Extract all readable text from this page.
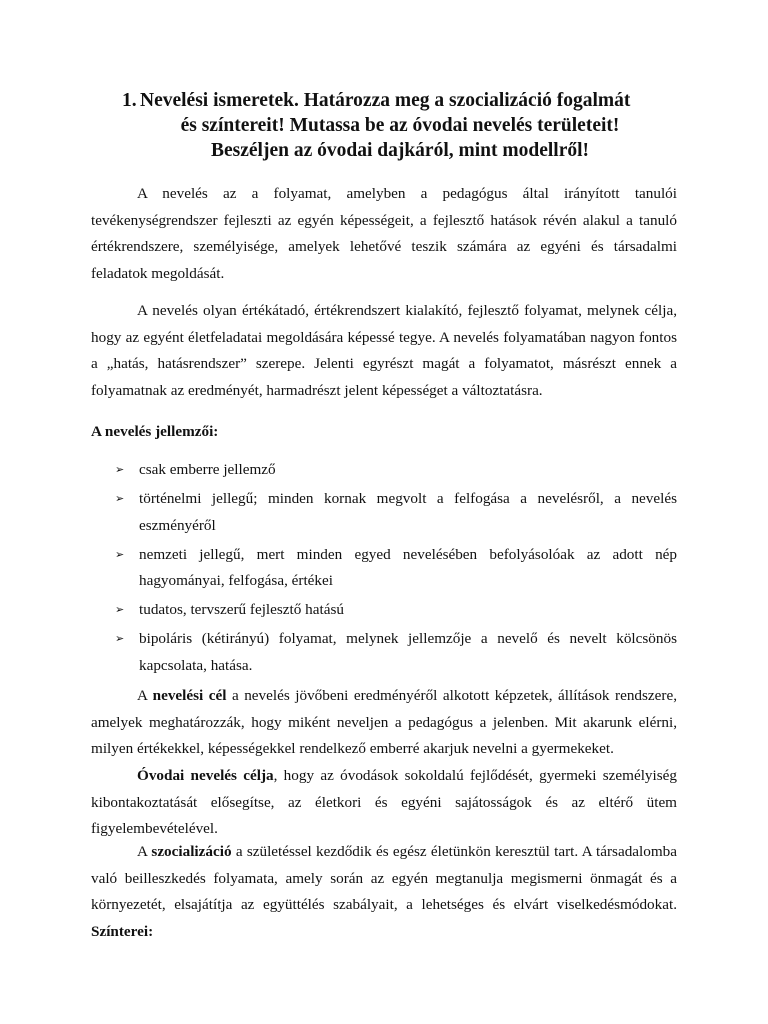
1. Nevelési ismeretek. Határozza meg a szocializáció fogalmát
és színtereit! Mutassa be az óvodai nevelés területeit!
Beszéljen az óvodai dajkáról, mint modellről!

A nevelés az a folyamat, amelyben a pedagógus által irányított tanulói tevékenységrendszer fejleszti az egyén képességeit, a fejlesztő hatások révén alakul a tanuló értékrendszere, személyisége, amelyek lehetővé teszik számára az egyéni és társadalmi feladatok megoldását.

A nevelés olyan értékátadó, értékrendszert kialakító, fejlesztő folyamat, melynek célja, hogy az egyént életfeladatai megoldására képessé tegye. A nevelés folyamatában nagyon fontos a „hatás, hatásrendszer” szerepe. Jelenti egyrészt magát a folyamatot, másrészt ennek a folyamatnak az eredményét, harmadrészt jelent képességet a változtatásra.

A nevelés jellemzői:

➢ csak emberre jellemző
➢ történelmi jellegű; minden kornak megvolt a felfogása a nevelésről, a nevelés eszményéről
➢ nemzeti jellegű, mert minden egyed nevelésében befolyásolóak az adott nép hagyományai, felfogása, értékei
➢ tudatos, tervszerű fejlesztő hatású
➢ bipoláris (kétirányú) folyamat, melynek jellemzője a nevelő és nevelt kölcsönös kapcsolata, hatása.

A nevelési cél a nevelés jövőbeni eredményéről alkotott képzetek, állítások rendszere, amelyek meghatározzák, hogy miként neveljen a pedagógus a jelenben. Mit akarunk elérni, milyen értékekkel, képességekkel rendelkező emberré akarjuk nevelni a gyermekeket.

Óvodai nevelés célja, hogy az óvodások sokoldalú fejlődését, gyermeki személyiség kibontakoztatását elősegítse, az életkori és egyéni sajátosságok és az eltérő ütem figyelembevételével.

A szocializáció a születéssel kezdődik és egész életünkön keresztül tart. A társadalomba való beilleszkedés folyamata, amely során az egyén megtanulja megismerni önmagát és a környezetét, elsajátítja az együttélés szabályait, a lehetséges és elvárt viselkedésmódokat. Színterei:
